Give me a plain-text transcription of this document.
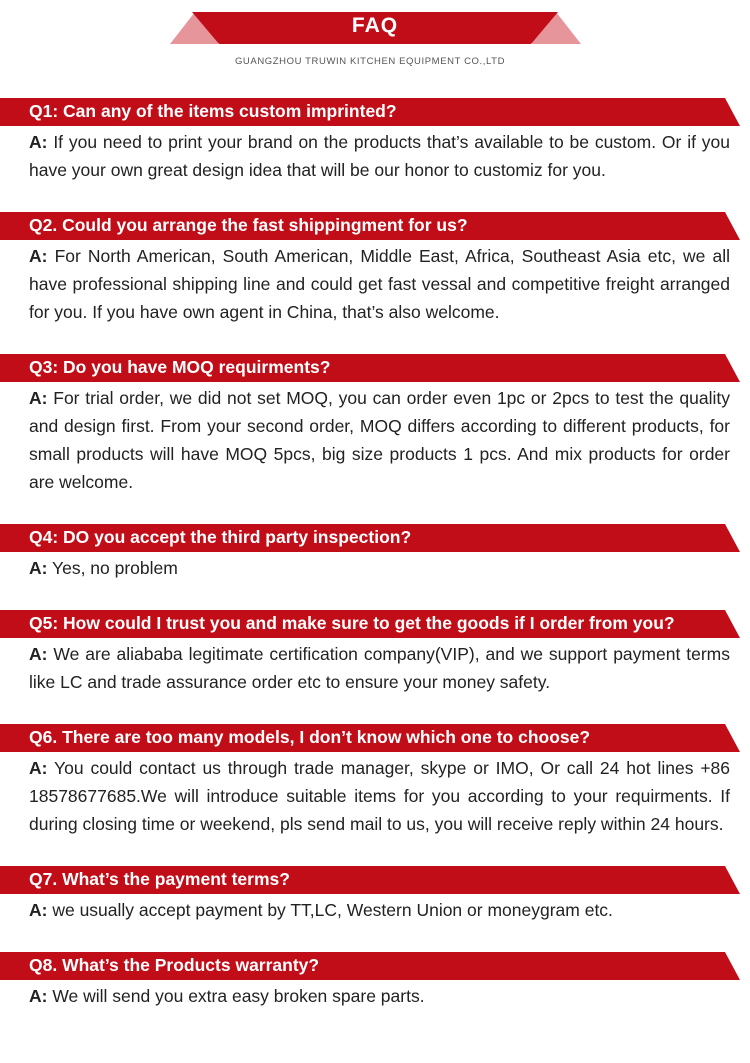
FAQ
GUANGZHOU TRUWIN KITCHEN EQUIPMENT CO.,LTD
Q1: Can any of the items custom imprinted?
A: If you need to print your brand on the products that’s available to be custom. Or if you have your own great design idea that will be our honor to customiz for you.
Q2. Could you arrange the fast shippingment for us?
A: For North American, South American, Middle East, Africa, Southeast Asia etc, we all have professional shipping line and could get fast vessal and competitive freight arranged for you. If you have own agent in China, that’s also welcome.
Q3: Do you have MOQ requirments?
A: For trial order, we did not set MOQ, you can order even 1pc or 2pcs to test the quality and design first. From your second order, MOQ differs according to different products, for small products will have MOQ 5pcs, big size products 1 pcs. And mix products for order are welcome.
Q4: DO you accept the third party inspection?
A: Yes, no problem
Q5: How could I trust you and make sure to get the goods if I order from you?
A: We are aliababa legitimate certification company(VIP), and we support payment terms like LC and trade assurance order etc to ensure your money safety.
Q6. There are too many models, I don’t know which one to choose?
A: You could contact us through trade manager, skype or IMO, Or call 24 hot lines +86 18578677685.We will introduce suitable items for you according to your requirments. If during closing time or weekend, pls send mail to us, you will receive reply within 24 hours.
Q7. What’s the payment terms?
A: we usually accept payment by TT,LC, Western Union or moneygram etc.
Q8. What’s the Products warranty?
A: We will send you extra easy broken spare parts.
